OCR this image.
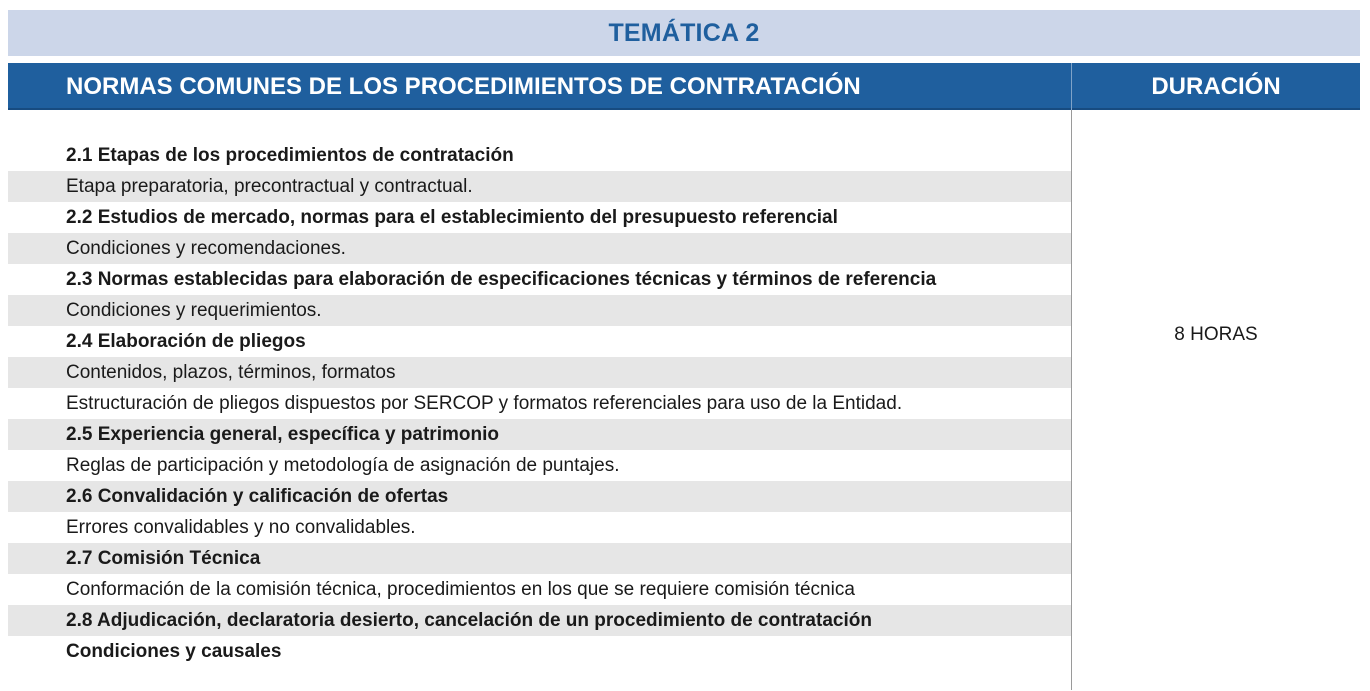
TEMÁTICA 2
NORMAS COMUNES DE LOS PROCEDIMIENTOS DE CONTRATACIÓN	DURACIÓN
2.1 Etapas de los procedimientos de contratación
Etapa preparatoria, precontractual y contractual.
2.2 Estudios de mercado, normas para el establecimiento del presupuesto referencial
Condiciones y recomendaciones.
2.3 Normas establecidas para elaboración de especificaciones técnicas y términos de referencia
Condiciones y requerimientos.
2.4 Elaboración de pliegos
Contenidos, plazos, términos, formatos
Estructuración de pliegos dispuestos por SERCOP y formatos referenciales para uso de la Entidad.
2.5 Experiencia general, específica y patrimonio
Reglas de participación y metodología de asignación de puntajes.
2.6 Convalidación y calificación de ofertas
Errores convalidables y no convalidables.
2.7 Comisión Técnica
Conformación de la comisión técnica, procedimientos en los que se requiere comisión técnica
2.8 Adjudicación, declaratoria desierto, cancelación de un procedimiento de contratación
Condiciones y causales
8 HORAS
